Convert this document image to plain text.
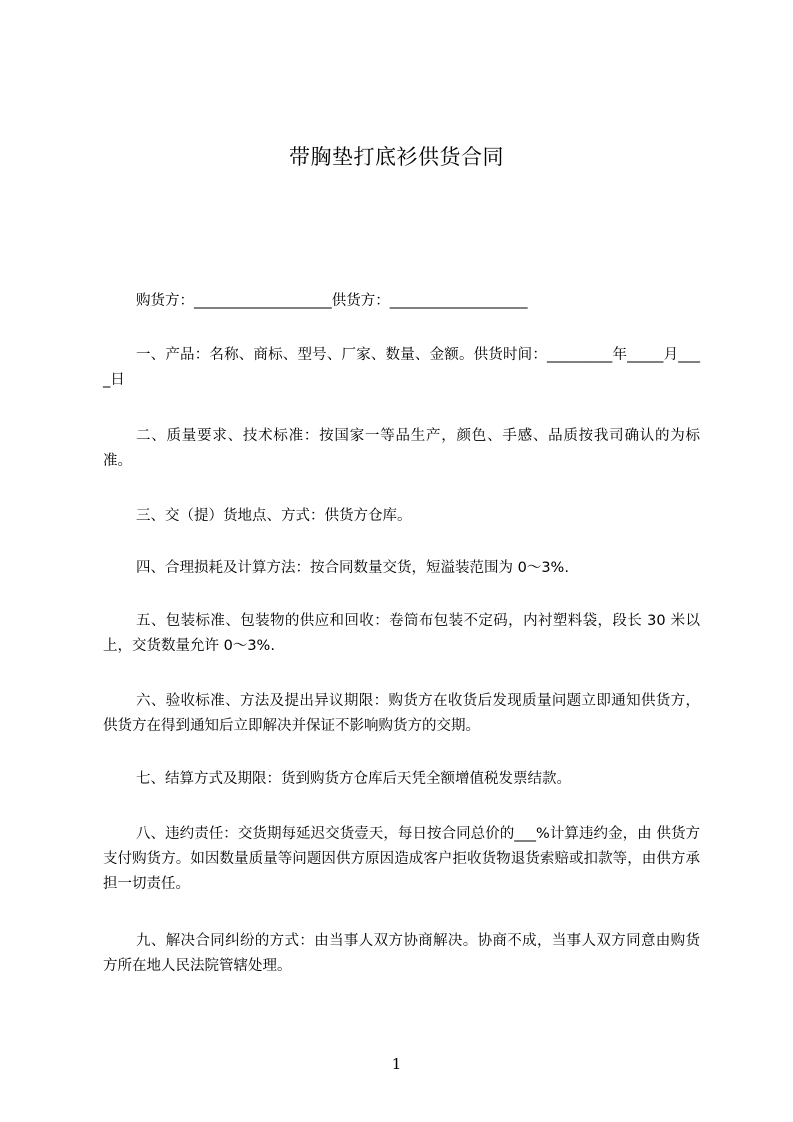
带胸垫打底衫供货合同
购货方：___________________供货方：___________________
一、产品：名称、商标、型号、厂家、数量、金额。供货时间：_________年_____月____日
二、质量要求、技术标准：按国家一等品生产，颜色、手感、品质按我司确认的为标准。
三、交（提）货地点、方式：供货方仓库。
四、合理损耗及计算方法：按合同数量交货，短溢装范围为 0～3%.
五、包装标准、包装物的供应和回收：卷筒布包装不定码，内衬塑料袋，段长 30 米以上，交货数量允许 0～3%.
六、验收标准、方法及提出异议期限：购货方在收货后发现质量问题立即通知供货方，供货方在得到通知后立即解决并保证不影响购货方的交期。
七、结算方式及期限：货到购货方仓库后天凭全额增值税发票结款。
八、违约责任：交货期每延迟交货壹天，每日按合同总价的___%计算违约金，由 供货方支付购货方。如因数量质量等问题因供方原因造成客户拒收货物退货索赔或扣款等，由供方承担一切责任。
九、解决合同纠纷的方式：由当事人双方协商解决。协商不成，当事人双方同意由购货方所在地人民法院管辖处理。
1
